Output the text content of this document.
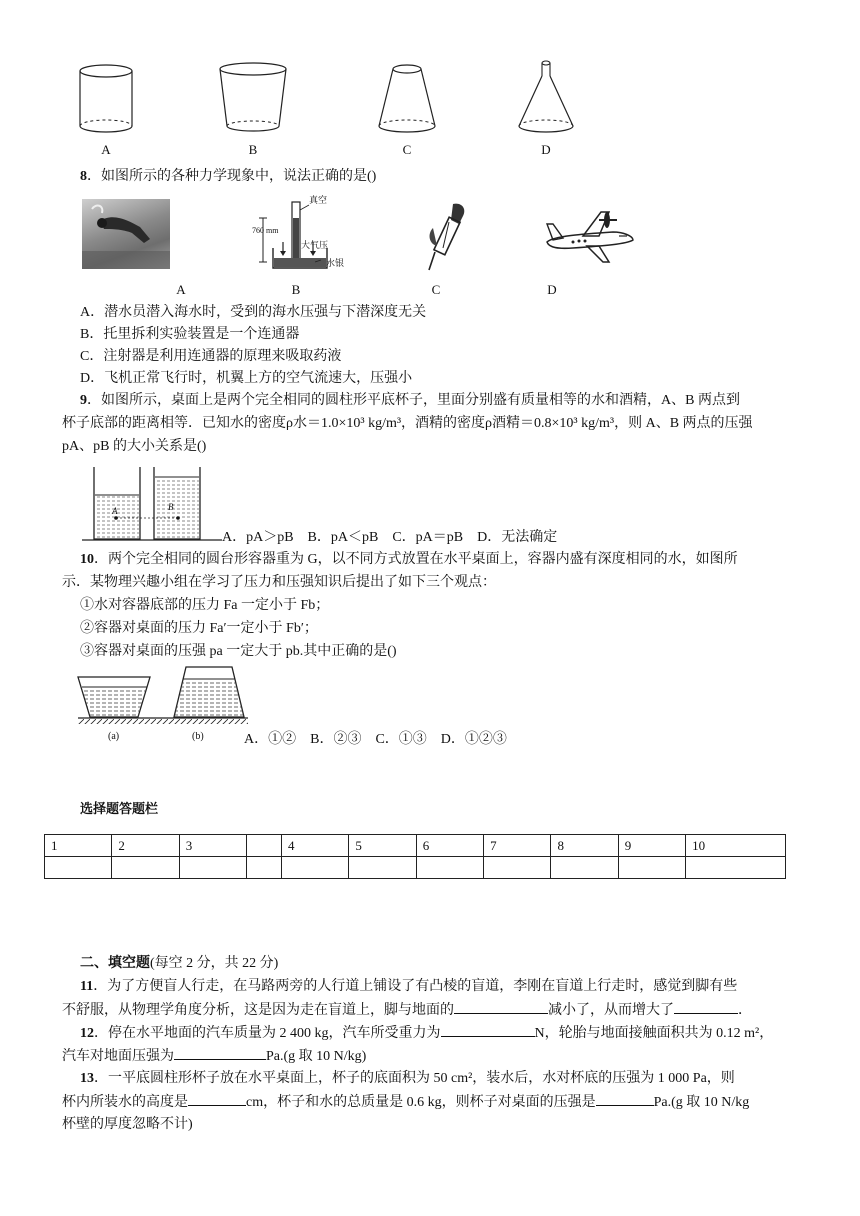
A	B	C	D
8．如图所示的各种力学现象中，说法正确的是()
真空
760 mm
大气压
水银
A	B	C	D
A．潜水员潜入海水时，受到的海水压强与下潜深度无关
B．托里拆利实验装置是一个连通器
C．注射器是利用连通器的原理来吸取药液
D．飞机正常飞行时，机翼上方的空气流速大，压强小
9．如图所示，桌面上是两个完全相同的圆柱形平底杯子，里面分别盛有质量相等的水和酒精，A、B 两点到
杯子底部的距离相等．已知水的密度ρ水＝1.0×10³ kg/m³，酒精的密度ρ酒精＝0.8×10³ kg/m³，则 A、B 两点的压强
pA、pB 的大小关系是()
A	B
A．pA＞pB　B．pA＜pB　C．pA＝pB　D．无法确定
10．两个完全相同的圆台形容器重为 G，以不同方式放置在水平桌面上，容器内盛有深度相同的水，如图所
示．某物理兴趣小组在学习了压力和压强知识后提出了如下三个观点：
①水对容器底部的压力 Fa 一定小于 Fb；
②容器对桌面的压力 Fa′一定小于 Fb′；
③容器对桌面的压强 pa 一定大于 pb.其中正确的是()
(a)	(b)	A．①②　B．②③　C．①③　D．①②③
选择题答题栏
1	2	3		4	5	6	7	8	9	10

二、填空题(每空 2 分，共 22 分)
11．为了方便盲人行走，在马路两旁的人行道上铺设了有凸棱的盲道，李刚在盲道上行走时，感觉到脚有些
不舒服，从物理学角度分析，这是因为走在盲道上，脚与地面的	减小了，从而增大了	．
12．停在水平地面的汽车质量为 2 400 kg，汽车所受重力为	N，轮胎与地面接触面积共为 0.12 m²，
汽车对地面压强为	Pa.(g 取 10 N/kg)
13．一平底圆柱形杯子放在水平桌面上，杯子的底面积为 50 cm²，装水后，水对杯底的压强为 1 000 Pa，则
杯内所装水的高度是	cm，杯子和水的总质量是 0.6 kg，则杯子对桌面的压强是	Pa.(g 取 10 N/kg
杯壁的厚度忽略不计)
